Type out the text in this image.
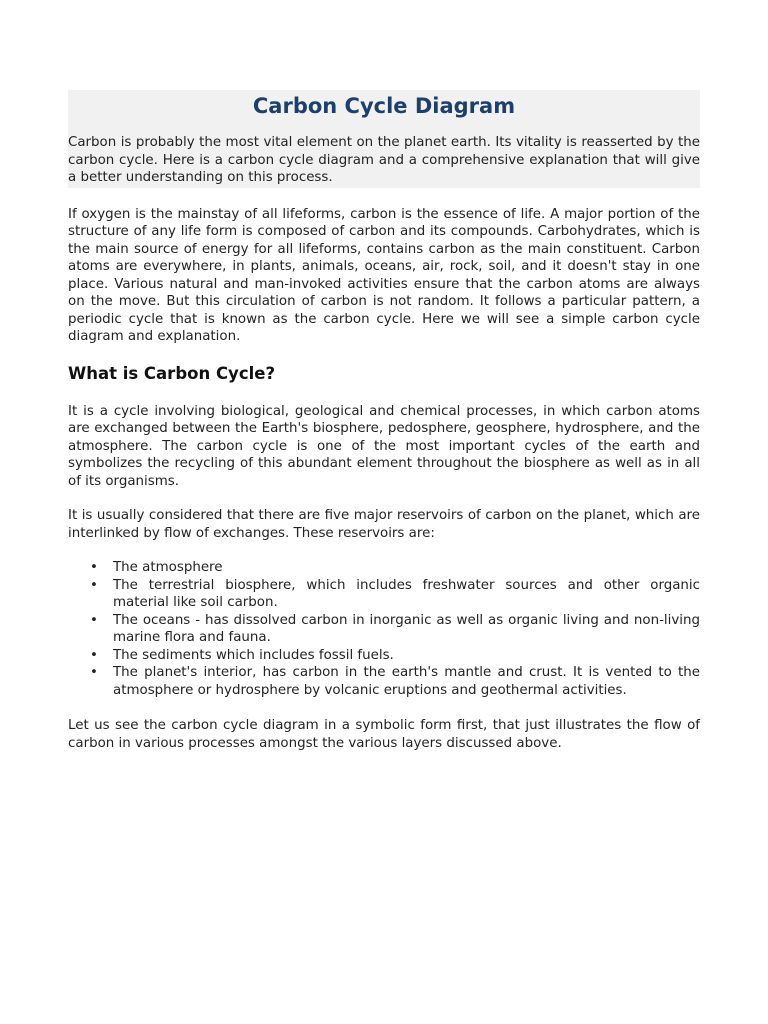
Carbon Cycle Diagram

Carbon is probably the most vital element on the planet earth. Its vitality is reasserted by the carbon cycle. Here is a carbon cycle diagram and a comprehensive explanation that will give a better understanding on this process.

If oxygen is the mainstay of all lifeforms, carbon is the essence of life. A major portion of the structure of any life form is composed of carbon and its compounds. Carbohydrates, which is the main source of energy for all lifeforms, contains carbon as the main constituent. Carbon atoms are everywhere, in plants, animals, oceans, air, rock, soil, and it doesn't stay in one place. Various natural and man-invoked activities ensure that the carbon atoms are always on the move. But this circulation of carbon is not random. It follows a particular pattern, a periodic cycle that is known as the carbon cycle. Here we will see a simple carbon cycle diagram and explanation.

What is Carbon Cycle?

It is a cycle involving biological, geological and chemical processes, in which carbon atoms are exchanged between the Earth's biosphere, pedosphere, geosphere, hydrosphere, and the atmosphere. The carbon cycle is one of the most important cycles of the earth and symbolizes the recycling of this abundant element throughout the biosphere as well as in all of its organisms.

It is usually considered that there are five major reservoirs of carbon on the planet, which are interlinked by flow of exchanges. These reservoirs are:

• The atmosphere
• The terrestrial biosphere, which includes freshwater sources and other organic material like soil carbon.
• The oceans - has dissolved carbon in inorganic as well as organic living and non-living marine flora and fauna.
• The sediments which includes fossil fuels.
• The planet's interior, has carbon in the earth's mantle and crust. It is vented to the atmosphere or hydrosphere by volcanic eruptions and geothermal activities.

Let us see the carbon cycle diagram in a symbolic form first, that just illustrates the flow of carbon in various processes amongst the various layers discussed above.
